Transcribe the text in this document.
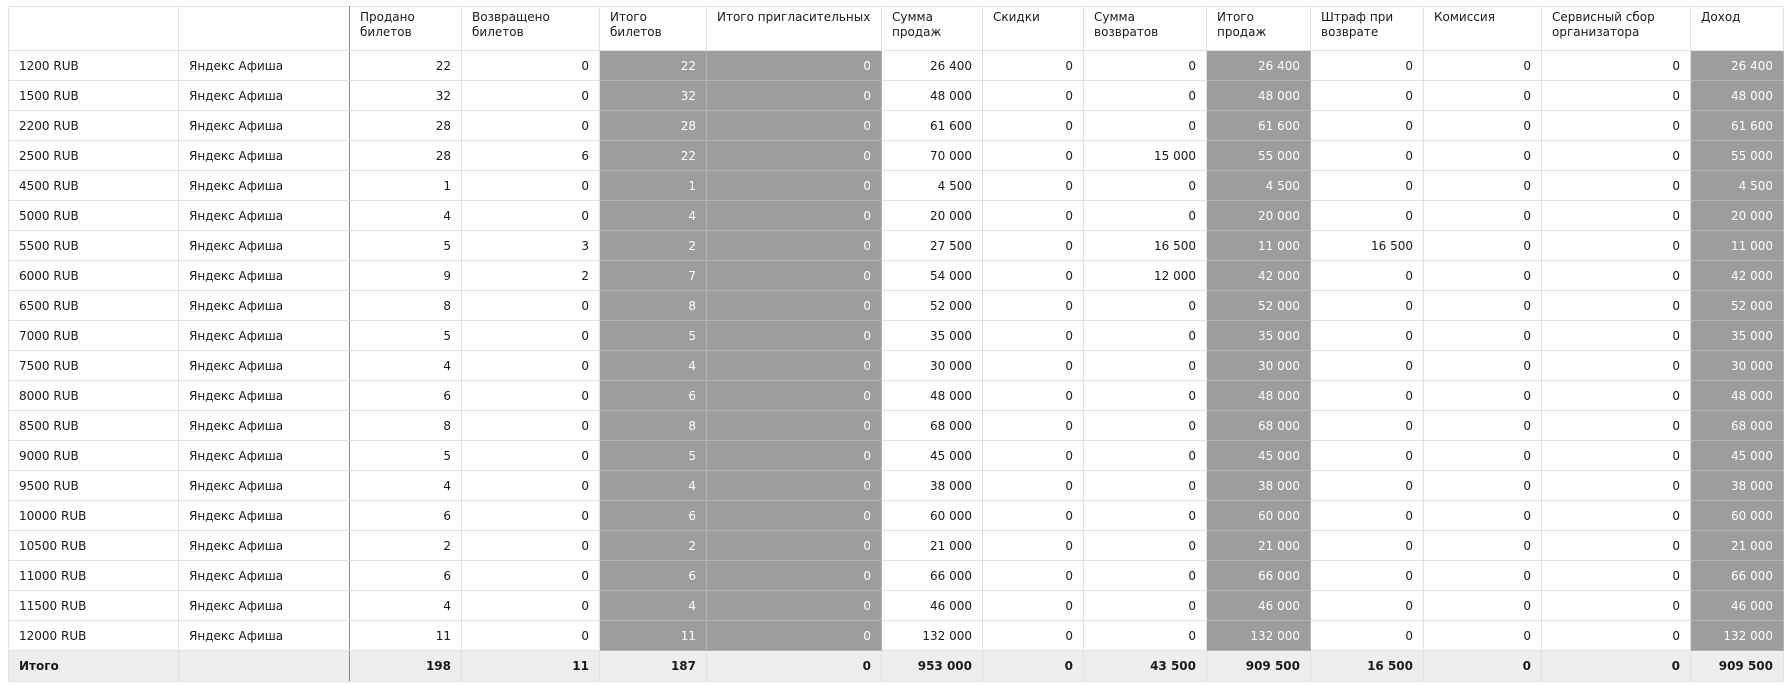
		Продано билетов	Возвращено билетов	Итого билетов	Итого пригласительных	Сумма продаж	Скидки	Сумма возвратов	Итого продаж	Штраф при возврате	Комиссия	Сервисный сбор организатора	Доход
1200 RUB	Яндекс Афиша	22	0	22	0	26 400	0	0	26 400	0	0	0	26 400
1500 RUB	Яндекс Афиша	32	0	32	0	48 000	0	0	48 000	0	0	0	48 000
2200 RUB	Яндекс Афиша	28	0	28	0	61 600	0	0	61 600	0	0	0	61 600
2500 RUB	Яндекс Афиша	28	6	22	0	70 000	0	15 000	55 000	0	0	0	55 000
4500 RUB	Яндекс Афиша	1	0	1	0	4 500	0	0	4 500	0	0	0	4 500
5000 RUB	Яндекс Афиша	4	0	4	0	20 000	0	0	20 000	0	0	0	20 000
5500 RUB	Яндекс Афиша	5	3	2	0	27 500	0	16 500	11 000	16 500	0	0	11 000
6000 RUB	Яндекс Афиша	9	2	7	0	54 000	0	12 000	42 000	0	0	0	42 000
6500 RUB	Яндекс Афиша	8	0	8	0	52 000	0	0	52 000	0	0	0	52 000
7000 RUB	Яндекс Афиша	5	0	5	0	35 000	0	0	35 000	0	0	0	35 000
7500 RUB	Яндекс Афиша	4	0	4	0	30 000	0	0	30 000	0	0	0	30 000
8000 RUB	Яндекс Афиша	6	0	6	0	48 000	0	0	48 000	0	0	0	48 000
8500 RUB	Яндекс Афиша	8	0	8	0	68 000	0	0	68 000	0	0	0	68 000
9000 RUB	Яндекс Афиша	5	0	5	0	45 000	0	0	45 000	0	0	0	45 000
9500 RUB	Яндекс Афиша	4	0	4	0	38 000	0	0	38 000	0	0	0	38 000
10000 RUB	Яндекс Афиша	6	0	6	0	60 000	0	0	60 000	0	0	0	60 000
10500 RUB	Яндекс Афиша	2	0	2	0	21 000	0	0	21 000	0	0	0	21 000
11000 RUB	Яндекс Афиша	6	0	6	0	66 000	0	0	66 000	0	0	0	66 000
11500 RUB	Яндекс Афиша	4	0	4	0	46 000	0	0	46 000	0	0	0	46 000
12000 RUB	Яндекс Афиша	11	0	11	0	132 000	0	0	132 000	0	0	0	132 000
Итого		198	11	187	0	953 000	0	43 500	909 500	16 500	0	0	909 500
